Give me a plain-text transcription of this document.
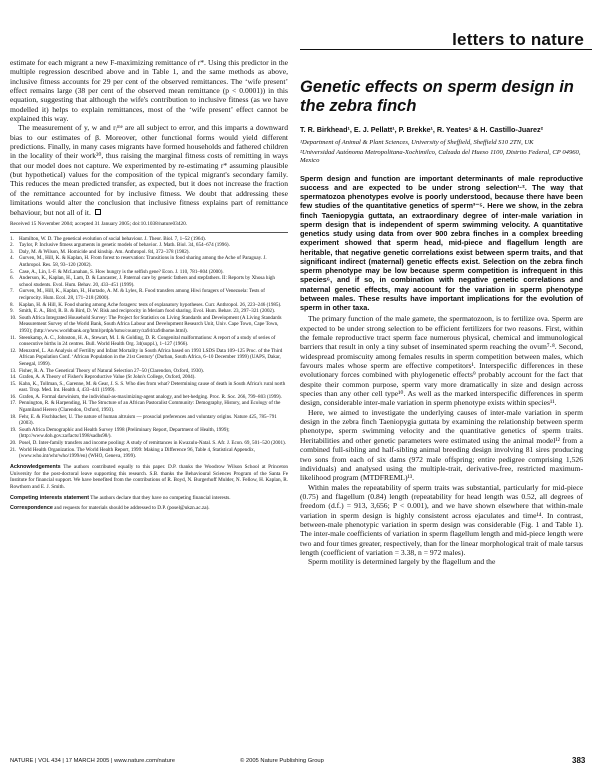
letters to nature

estimate for each migrant a new F-maximizing remittance of r*. Using this predictor in the multiple regression described above and in Table 1, and the same methods as above, inclusive fitness accounts for 29 per cent of the observed remittances. The ‘wife present’ effect remains large (38 per cent of the observed mean remittance (p < 0.0001)) in this equation, suggesting that although the wife's contribution to inclusive fitness (as we have modelled it) helps to explain remittances, most of the ‘wife present’ effect cannot be explained this way.

The measurement of y, w and rᵢᵐᵉ are all subject to error, and this imparts a downward bias to our estimates of β. Moreover, other functional forms would yield different predictions. Finally, in many cases migrants have formed households and fathered children in the locality of their work²⁰, thus raising the marginal fitness costs of remitting in ways that our model does not capture. We experimented by re-estimating r* assuming plausible (but hypothetical) values for the composition of the typical migrant's secondary family. This reduces the mean predicted transfer, as expected, but it does not increase the fraction of the remittance accounted for by inclusive fitness. We doubt that addressing these limitations would alter the conclusion that inclusive fitness explains part of remittance behaviour, but not all of it.

Received 15 November 2004; accepted 31 January 2005; doi:10.1038/nature03420.
1. Hamilton, W. D. The genetical evolution of social behaviour. J. Theor. Biol. 7, 1–52 (1964).
2. Taylor, P. Inclusive fitness arguments in genetic models of behavior. J. Math. Biol. 34, 654–674 (1996).
3. Daly, M. & Wilson, M. Homicide and kinship. Am. Anthropol. 84, 372–378 (1982).
4. Gurven, M., Hill, K. & Kaplan, H. From forest to reservation: Transitions in food sharing among the Ache of Paraguay. J. Anthropol. Res. 58, 93–120 (2002).
5. Case, A., Lin, I.-F. & McLanahan, S. How hungry is the selfish gene? Econ. J. 110, 781–804 (2000).
6. Anderson, K., Kaplan, H., Lam, D. & Lancaster, J. Paternal care by genetic fathers and stepfathers. II: Reports by Xhosa high school students. Evol. Hum. Behav. 20, 433–451 (1999).
7. Gurven, M., Hill, K., Kaplan, H., Hurtado, A. M. & Lyles, R. Food transfers among Hiwi foragers of Venezuela: Tests of reciprocity. Hum. Ecol. 28, 171–218 (2000).
8. Kaplan, H. & Hill, K. Food sharing among Ache foragers: tests of explanatory hypotheses. Curr. Anthropol. 26, 223–246 (1985).
9. Smith, E. A., Bird, R. B. & Bird, D. W. Risk and reciprocity in Meriam food sharing. Evol. Hum. Behav. 23, 297–321 (2002).
10. South Africa Integrated Household Survey: The Project for Statistics on Living Standards and Development (A Living Standards Measurement Survey of the World Bank, South Africa Labour and Development Research Unit, Univ. Cape Town, Cape Town, 1993); (http://www.worldbank.org/html/prdph/lsms/country/za94/za94home.html).
11. Steenkamp, A. C., Johnston, H. A., Stewart, M. I. & Golding, D. R. Congenital malformations: A report of a study of series of consecutive births in 24 centres. Bull. World Health Org. 34(suppl.), 1–127 (1966).
12. Menzstrel, L. An Analysis of Fertility and Infant Mortality in South Africa based on 1993 LSDS Data 109–125 Proc. of the Third African Population Conf. ‘African Population in the 21st Century’ (Durban, South Africa, 6–10 December 1999) (UAPS, Dakar, Senegal, 1999).
13. Fisher, R. A. The Genetical Theory of Natural Selection 27–50 (Clarendon, Oxford, 1930).
14. Grafen, A. A Theory of Fisher's Reproductive Value (St John's College, Oxford, 2004).
15. Kahn, K., Tollman, S., Garenne, M. & Gear, J. S. S. Who dies from what? Determining cause of death in South Africa's rural north east. Trop. Med. Int. Health 4, 433–441 (1999).
16. Grafen, A. Formal darwinism, the individual-as-maximizing-agent analogy, and bet-hedging. Proc. R. Soc. 266, 799–803 (1999).
17. Pennington, R. & Harpending, H. The Structure of an African Pastoralist Community: Demography, History, and Ecology of the Ngamiland Herero (Clarendon, Oxford, 1993).
18. Fehr, E. & Fischbacher, U. The nature of human altruism — prosocial preferences and voluntary origins. Nature 425, 785–791 (2003).
19. South Africa Demographic and Health Survey 1998 (Preliminary Report, Department of Health, 1999); (http://www.doh.gov.za/facts/1998/sadhs98/).
20. Posel, D. Inter-family transfers and income pooling: A study of remittances in Kwazulu-Natal. S. Afr. J. Econ. 69, 501–520 (2001).
21. World Health Organization. The World Health Report, 1999: Making a Difference 96, Table 4, Statistical Appendix, (www.who.int/whr/who/1999/en) (WHO, Geneva, 1999).
Acknowledgements The authors contributed equally to this paper. D.P. thanks the Woodrow Wilson School at Princeton University for the post-doctoral leave supporting this research. S.B. thanks the Behavioural Sciences Program of the Santa Fe Institute for financial support. We have benefited from the contributions of R. Boyd, N. Burgerhoff Mulder, N. Fellow, H. Kaplan, R. Rowthorn and E. J. Smith.
Competing interests statement The authors declare that they have no competing financial interests.
Correspondence and requests for materials should be addressed to D.P. (posel@ukzn.ac.za).
Genetic effects on sperm design in the zebra finch
T. R. Birkhead¹, E. J. Pellatt¹, P. Brekke¹, R. Yeates¹ & H. Castillo-Juarez²
¹Department of Animal & Plant Sciences, University of Sheffield, Sheffield S10 2TN, UK
²Universidad Autónoma Metropolitana-Xochimilco, Calzada del Hueso 1100, Distrito Federal, CP 04960, Mexico
Sperm design and function are important determinants of male reproductive success and are expected to be under strong selection¹·². The way that spermatozoa phenotypes evolve is poorly understood, because there have been few studies of the quantitative genetics of sperm³⁻⁵. Here we show, in the zebra finch Taeniopygia guttata, an extraordinary degree of inter-male variation in sperm design that is independent of sperm swimming velocity. A quantitative genetics study using data from over 900 zebra finches in a complex breeding experiment showed that sperm head, mid-piece and flagellum length are heritable, that negative genetic correlations exist between sperm traits, and that significant indirect (maternal) genetic effects exist. Selection on the zebra finch sperm phenotype may be low because sperm competition is infrequent in this species⁶, and if so, in combination with negative genetic correlations and maternal genetic effects, may account for the variation in sperm phenotype between males. These results have important implications for the evolution of sperm in other taxa.

The primary function of the male gamete, the spermatozoon, is to fertilize ova. Sperm are expected to be under strong selection to be efficient fertilizers for two reasons. First, within the female reproductive tract sperm face numerous physical, chemical and immunological barriers that result in only a tiny subset of inseminated sperm reaching the ovum⁷·⁸. Second, widespread promiscuity among females results in sperm competition between males, which favours males whose sperm are effective competitors¹. Interspecific differences in these evolutionary forces combined with phylogenetic effects⁹ probably account for the fact that despite their common purpose, sperm vary more dramatically in size and design across species than any other cell type¹⁰. As well as the marked interspecific differences in sperm design, considerable inter-male variation in sperm phenotype exists within species¹¹.

Here, we aimed to investigate the underlying causes of inter-male variation in sperm design in the zebra finch Taeniopygia guttata by examining the relationship between sperm phenotype, sperm swimming velocity and the quantitative genetics of sperm traits. Heritabilities and other genetic parameters were estimated using the animal model¹² from a combined full-sibling and half-sibling animal breeding design involving 81 sires producing two sons from each of six dams (972 male offspring; entire pedigree comprising 1,526 individuals) and analysed using the multiple-trait, derivative-free, restricted maximum-likelihood program (MTDFREML)¹³.

Within males the repeatability of sperm traits was substantial, particularly for mid-piece (0.75) and flagellum (0.84) length (repeatability for head length was 0.52, all degrees of freedom (d.f.) = 913, 3,656; P < 0.001), and we have shown elsewhere that within-male variation in sperm design is highly consistent across ejaculates and time¹⁴. In contrast, between-male phenotypic variation in sperm design was considerable (Fig. 1 and Table 1). The inter-male coefficients of variation in sperm flagellum length and mid-piece length were two and four times greater, respectively, than for the linear morphological trait of male tarsus length (coefficient of variation = 3.38, n = 972 males).

Sperm motility is determined largely by the flagellum and the

NATURE | VOL 434 | 17 MARCH 2005 | www.nature.com/nature	© 2005 Nature Publishing Group	383
